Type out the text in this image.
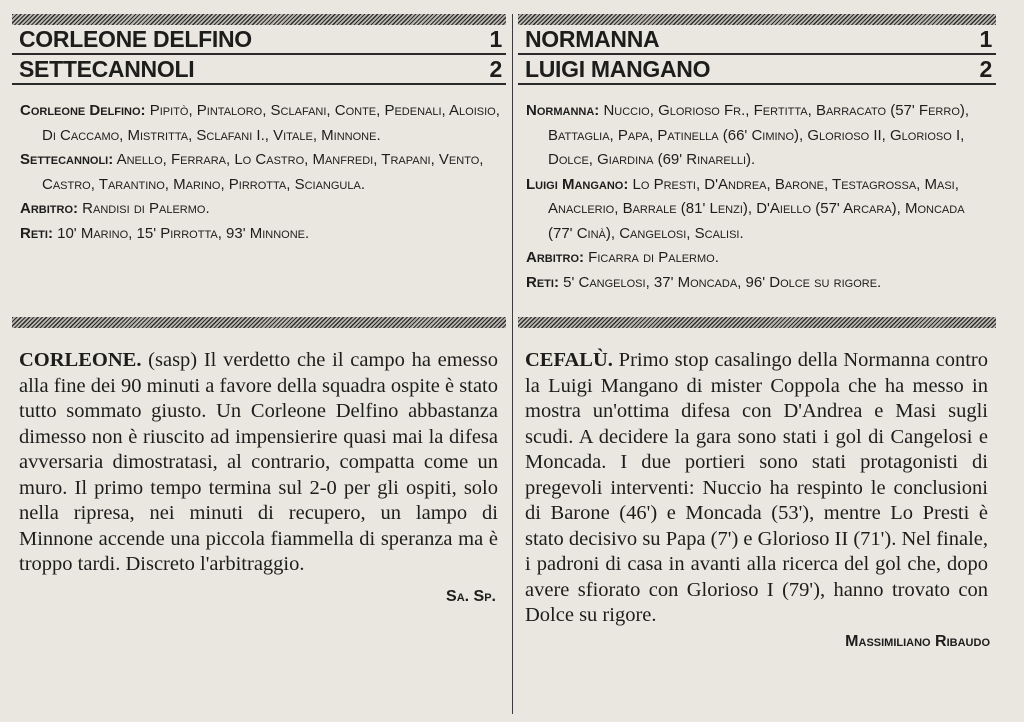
CORLEONE DELFINO	1
SETTECANNOLI	2

Corleone Delfino: Pipitò, Pintaloro, Sclafani, Conte, Pedenali, Aloisio, Di Caccamo, Mistritta, Sclafani I., Vitale, Minnone.

Settecannoli: Anello, Ferrara, Lo Castro, Manfredi, Trapani, Vento, Castro, Tarantino, Marino, Pirrotta, Sciangula.

Arbitro: Randisi di Palermo.

Reti: 10' Marino, 15' Pirrotta, 93' Minnone.

CORLEONE. (sasp) Il verdetto che il campo ha emesso alla fine dei 90 minuti a favore della squadra ospite è stato tutto sommato giusto. Un Corleone Delfino abbastanza dimesso non è riuscito ad impensierire quasi mai la difesa avversaria dimostratasi, al contrario, compatta come un muro. Il primo tempo termina sul 2-0 per gli ospiti, solo nella ripresa, nei minuti di recupero, un lampo di Minnone accende una piccola fiammella di speranza ma è troppo tardi. Discreto l'arbitraggio.
Sa. Sp.
NORMANNA	1
LUIGI MANGANO	2

Normanna: Nuccio, Glorioso Fr., Fertitta, Barracato (57' Ferro), Battaglia, Papa, Patinella (66' Cimino), Glorioso II, Glorioso I, Dolce, Giardina (69' Rinarelli).

Luigi Mangano: Lo Presti, D'Andrea, Barone, Testagrossa, Masi, Anaclerio, Barrale (81' Lenzi), D'Aiello (57' Arcara), Moncada (77' Cinà), Cangelosi, Scalisi.

Arbitro: Ficarra di Palermo.

Reti: 5' Cangelosi, 37' Moncada, 96' Dolce su rigore.

CEFALÙ. Primo stop casalingo della Normanna contro la Luigi Mangano di mister Coppola che ha messo in mostra un'ottima difesa con D'Andrea e Masi sugli scudi. A decidere la gara sono stati i gol di Cangelosi e Moncada. I due portieri sono stati protagonisti di pregevoli interventi: Nuccio ha respinto le conclusioni di Barone (46') e Moncada (53'), mentre Lo Presti è stato decisivo su Papa (7') e Glorioso II (71'). Nel finale, i padroni di casa in avanti alla ricerca del gol che, dopo avere sfiorato con Glorioso I (79'), hanno trovato con Dolce su rigore.
Massimiliano Ribaudo
